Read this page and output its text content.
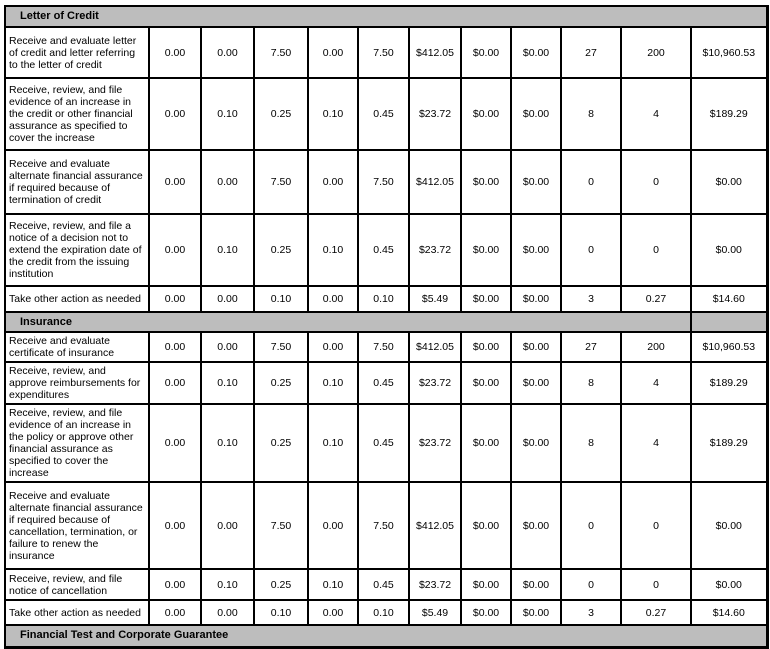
Letter of Credit											
Receive and evaluate letter of credit and letter referring to the letter of credit	0.00	0.00	7.50	0.00	7.50	$412.05	$0.00	$0.00	27	200	$10,960.53
Receive, review, and file evidence of an increase in the credit or other financial assurance as specified to cover the increase	0.00	0.10	0.25	0.10	0.45	$23.72	$0.00	$0.00	8	4	$189.29
Receive and evaluate alternate financial assurance if required because of termination of credit	0.00	0.00	7.50	0.00	7.50	$412.05	$0.00	$0.00	0	0	$0.00
Receive, review, and file a notice of a decision not to extend the expiration date of the credit from the issuing institution	0.00	0.10	0.25	0.10	0.45	$23.72	$0.00	$0.00	0	0	$0.00
Take other action as needed	0.00	0.00	0.10	0.00	0.10	$5.49	$0.00	$0.00	3	0.27	$14.60
Insurance											
Receive and evaluate certificate of insurance	0.00	0.00	7.50	0.00	7.50	$412.05	$0.00	$0.00	27	200	$10,960.53
Receive, review, and approve reimbursements for expenditures	0.00	0.10	0.25	0.10	0.45	$23.72	$0.00	$0.00	8	4	$189.29
Receive, review, and file evidence of an increase in the policy or approve other financial assurance as specified to cover the increase	0.00	0.10	0.25	0.10	0.45	$23.72	$0.00	$0.00	8	4	$189.29
Receive and evaluate alternate financial assurance if required because of cancellation, termination, or failure to renew the insurance	0.00	0.00	7.50	0.00	7.50	$412.05	$0.00	$0.00	0	0	$0.00
Receive, review, and file notice of cancellation	0.00	0.10	0.25	0.10	0.45	$23.72	$0.00	$0.00	0	0	$0.00
Take other action as needed	0.00	0.00	0.10	0.00	0.10	$5.49	$0.00	$0.00	3	0.27	$14.60
Financial Test and Corporate Guarantee											
